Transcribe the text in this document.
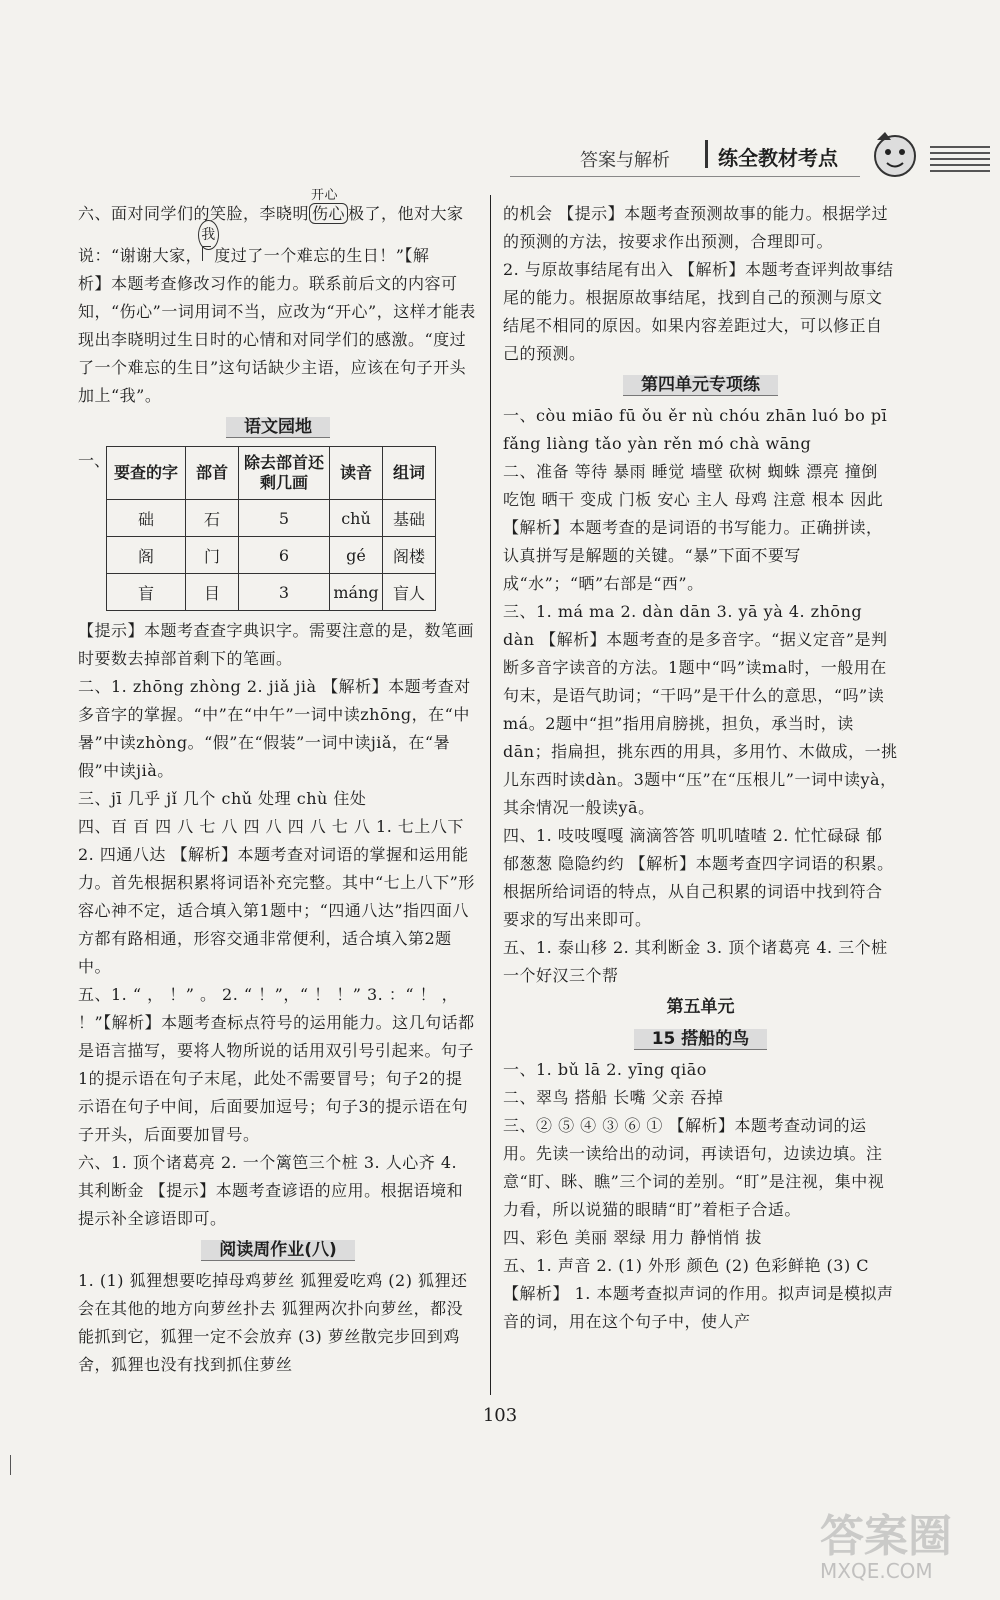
答案与解析 练全教材考点

六、面对同学们的笑脸，李晓明
开心
伤心 极了，他对大家

说：“谢谢大家，
我
度过了一个难忘的生日！”【解

析】本题考查修改习作的能力。联系前后文的内容可知，“伤心”一词用词不当，应改为“开心”，这样才能表现出李晓明过生日时的心情和对同学们的感激。“度过了一个难忘的生日”这句话缺少主语，应该在句子开头加上“我”。

语文园地

一、
要查的字	部首	除去部首还剩几画	读音	组词
础	石	5	chǔ	基础
阁	门	6	gé	阁楼
盲	目	3	máng	盲人

【提示】本题考查查字典识字。需要注意的是，数笔画时要数去掉部首剩下的笔画。

二、1. zhōng zhòng 2. jiǎ jià 【解析】本题考查对多音字的掌握。“中”在“中午”一词中读zhōng，在“中暑”中读zhòng。“假”在“假装”一词中读jiǎ，在“暑假”中读jià。

三、jī 几乎 jǐ 几个 chǔ 处理 chù 住处

四、百 百 四 八 七 八 四 八 四 八 七 八 1. 七上八下 2. 四通八达 【解析】本题考查对词语的掌握和运用能力。首先根据积累将词语补充完整。其中“七上八下”形容心神不定，适合填入第1题中；“四通八达”指四面八方都有路相通，形容交通非常便利，适合填入第2题中。

五、1. “ ， ！” 。 2. “ ！”，“ ！ ！” 3. ：“ ！ ， ！”【解析】本题考查标点符号的运用能力。这几句话都是语言描写，要将人物所说的话用双引号引起来。句子1的提示语在句子末尾，此处不需要冒号；句子2的提示语在句子中间，后面要加逗号；句子3的提示语在句子开头，后面要加冒号。

六、1. 顶个诸葛亮 2. 一个篱笆三个桩 3. 人心齐 4. 其利断金 【提示】本题考查谚语的应用。根据语境和提示补全谚语即可。

阅读周作业(八)

1. (1) 狐狸想要吃掉母鸡萝丝 狐狸爱吃鸡 (2) 狐狸还会在其他的地方向萝丝扑去 狐狸两次扑向萝丝，都没能抓到它，狐狸一定不会放弃 (3) 萝丝散完步回到鸡舍，狐狸也没有找到抓住萝丝

的机会 【提示】本题考查预测故事的能力。根据学过的预测的方法，按要求作出预测，合理即可。

2. 与原故事结尾有出入 【解析】本题考查评判故事结尾的能力。根据原故事结尾，找到自己的预测与原文结尾不相同的原因。如果内容差距过大，可以修正自己的预测。

第四单元专项练

一、còu miāo fū ǒu ěr nù chóu zhān luó bo pī fǎng liàng tǎo yàn rěn mó chà wāng

二、准备 等待 暴雨 睡觉 墙壁 砍树 蜘蛛 漂亮 撞倒 吃饱 晒干 变成 门板 安心 主人 母鸡 注意 根本 因此 【解析】本题考查的是词语的书写能力。正确拼读，认真拼写是解题的关键。“暴”下面不要写成“水”；“晒”右部是“西”。

三、1. má ma 2. dàn dān 3. yā yà 4. zhōng dàn 【解析】本题考查的是多音字。“据义定音”是判断多音字读音的方法。1题中“吗”读ma时，一般用在句末，是语气助词；“干吗”是干什么的意思，“吗”读má。2题中“担”指用肩膀挑，担负，承当时，读dān；指扁担，挑东西的用具，多用竹、木做成，一挑儿东西时读dàn。3题中“压”在“压根儿”一词中读yà，其余情况一般读yā。

四、1. 吱吱嘎嘎 滴滴答答 叽叽喳喳 2. 忙忙碌碌 郁郁葱葱 隐隐约约 【解析】本题考查四字词语的积累。根据所给词语的特点，从自己积累的词语中找到符合要求的写出来即可。

五、1. 泰山移 2. 其利断金 3. 顶个诸葛亮 4. 三个桩 一个好汉三个帮

第五单元

15 搭船的鸟

一、1. bǔ lā 2. yīng qiāo

二、翠鸟 搭船 长嘴 父亲 吞掉

三、② ⑤ ④ ③ ⑥ ① 【解析】本题考查动词的运用。先读一读给出的动词，再读语句，边读边填。注意“盯、眯、瞧”三个词的差别。“盯”是注视，集中视力看，所以说猫的眼睛“盯”着柜子合适。

四、彩色 美丽 翠绿 用力 静悄悄 拔

五、1. 声音 2. (1) 外形 颜色 (2) 色彩鲜艳 (3) C 【解析】 1. 本题考查拟声词的作用。拟声词是模拟声音的词，用在这个句子中，使人产

103
答案圈
MXQE.COM
